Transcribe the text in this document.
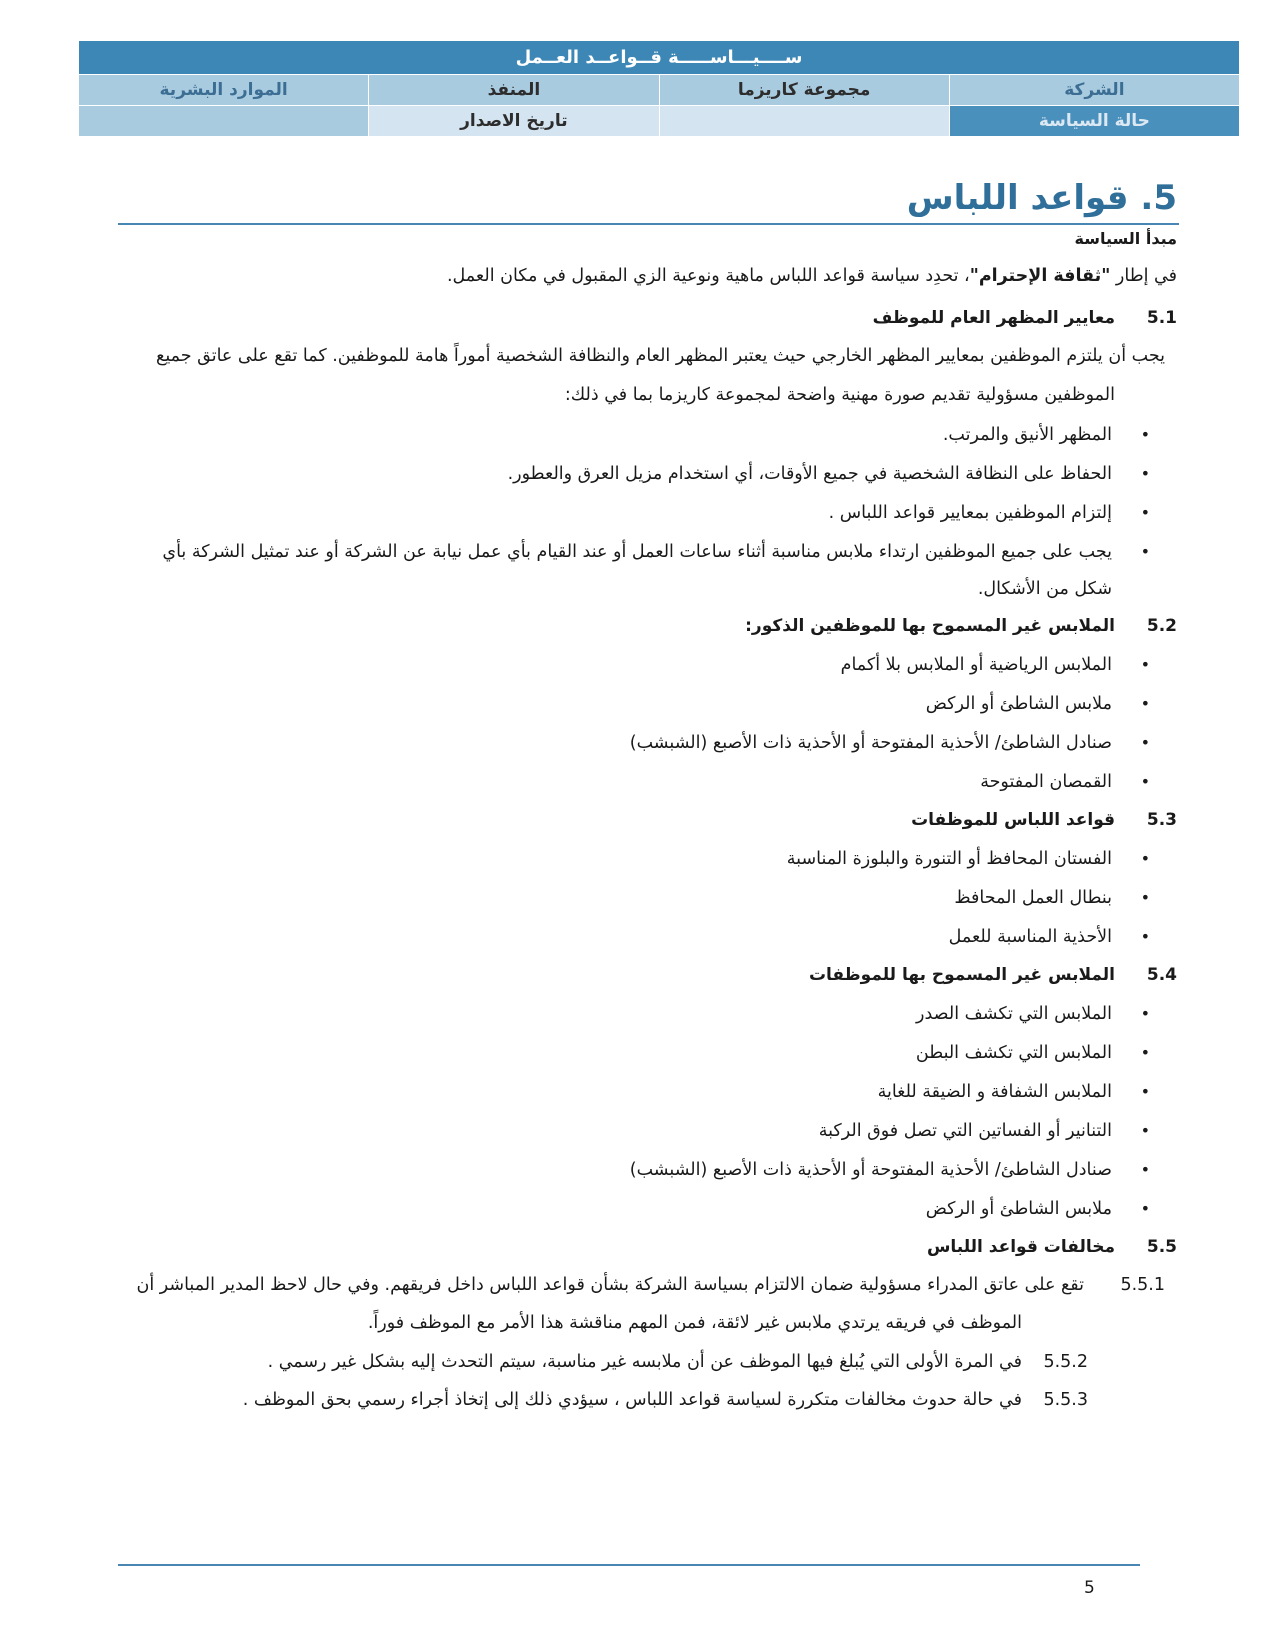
ســــيـــاســـــة قــواعــد العــمل			
الشركة	مجموعة كاريزما	المنفذ	الموارد البشرية
حالة السياسة		تاريخ الاصدار	
5. قواعد اللباس
مبدأ السياسة
في إطار "ثقافة الإحترام"، تحدِد سياسة قواعد اللباس ماهية ونوعية الزي المقبول في مكان العمل.
5.1معايير المظهر العام للموظف
يجب أن يلتزم الموظفين بمعايير المظهر الخارجي حيث يعتبر المظهر العام والنظافة الشخصية أموراً هامة للموظفين. كما تقع على عاتق جميع
الموظفين مسؤولية تقديم صورة مهنية واضحة لمجموعة كاريزما بما في ذلك:
• المظهر الأنيق والمرتب.
• الحفاظ على النظافة الشخصية في جميع الأوقات، أي استخدام مزيل العرق والعطور.
• إلتزام الموظفين بمعايير قواعد اللباس .
• يجب على جميع الموظفين ارتداء ملابس مناسبة أثناء ساعات العمل أو عند القيام بأي عمل نيابة عن الشركة أو عند تمثيل الشركة بأي
شكل من الأشكال.
5.2الملابس غير المسموح بها للموظفين الذكور:
• الملابس الرياضية أو الملابس بلا أكمام
• ملابس الشاطئ أو الركض
• صنادل الشاطئ/ الأحذية المفتوحة أو الأحذية ذات الأصبع (الشبشب)
• القمصان المفتوحة
5.3قواعد اللباس للموظفات
• الفستان المحافظ أو التنورة والبلوزة المناسبة
• بنطال العمل المحافظ
• الأحذية المناسبة للعمل
5.4الملابس غير المسموح بها للموظفات
• الملابس التي تكشف الصدر
• الملابس التي تكشف البطن
• الملابس الشفافة و الضيقة للغاية
• التنانير أو الفساتين التي تصل فوق الركبة
• صنادل الشاطئ/ الأحذية المفتوحة أو الأحذية ذات الأصبع (الشبشب)
• ملابس الشاطئ أو الركض
5.5مخالفات قواعد اللباس
5.5.1تقع على عاتق المدراء مسؤولية ضمان الالتزام بسياسة الشركة بشأن قواعد اللباس داخل فريقهم. وفي حال لاحظ المدير المباشر أن
الموظف في فريقه يرتدي ملابس غير لائقة، فمن المهم مناقشة هذا الأمر مع الموظف فوراً.
5.5.2
في المرة الأولى التي يُبلغ فيها الموظف عن أن ملابسه غير مناسبة، سيتم التحدث إليه بشكل غير رسمي .
5.5.3
في حالة حدوث مخالفات متكررة لسياسة قواعد اللباس ، سيؤدي ذلك إلى إتخاذ أجراء رسمي بحق الموظف .
5
